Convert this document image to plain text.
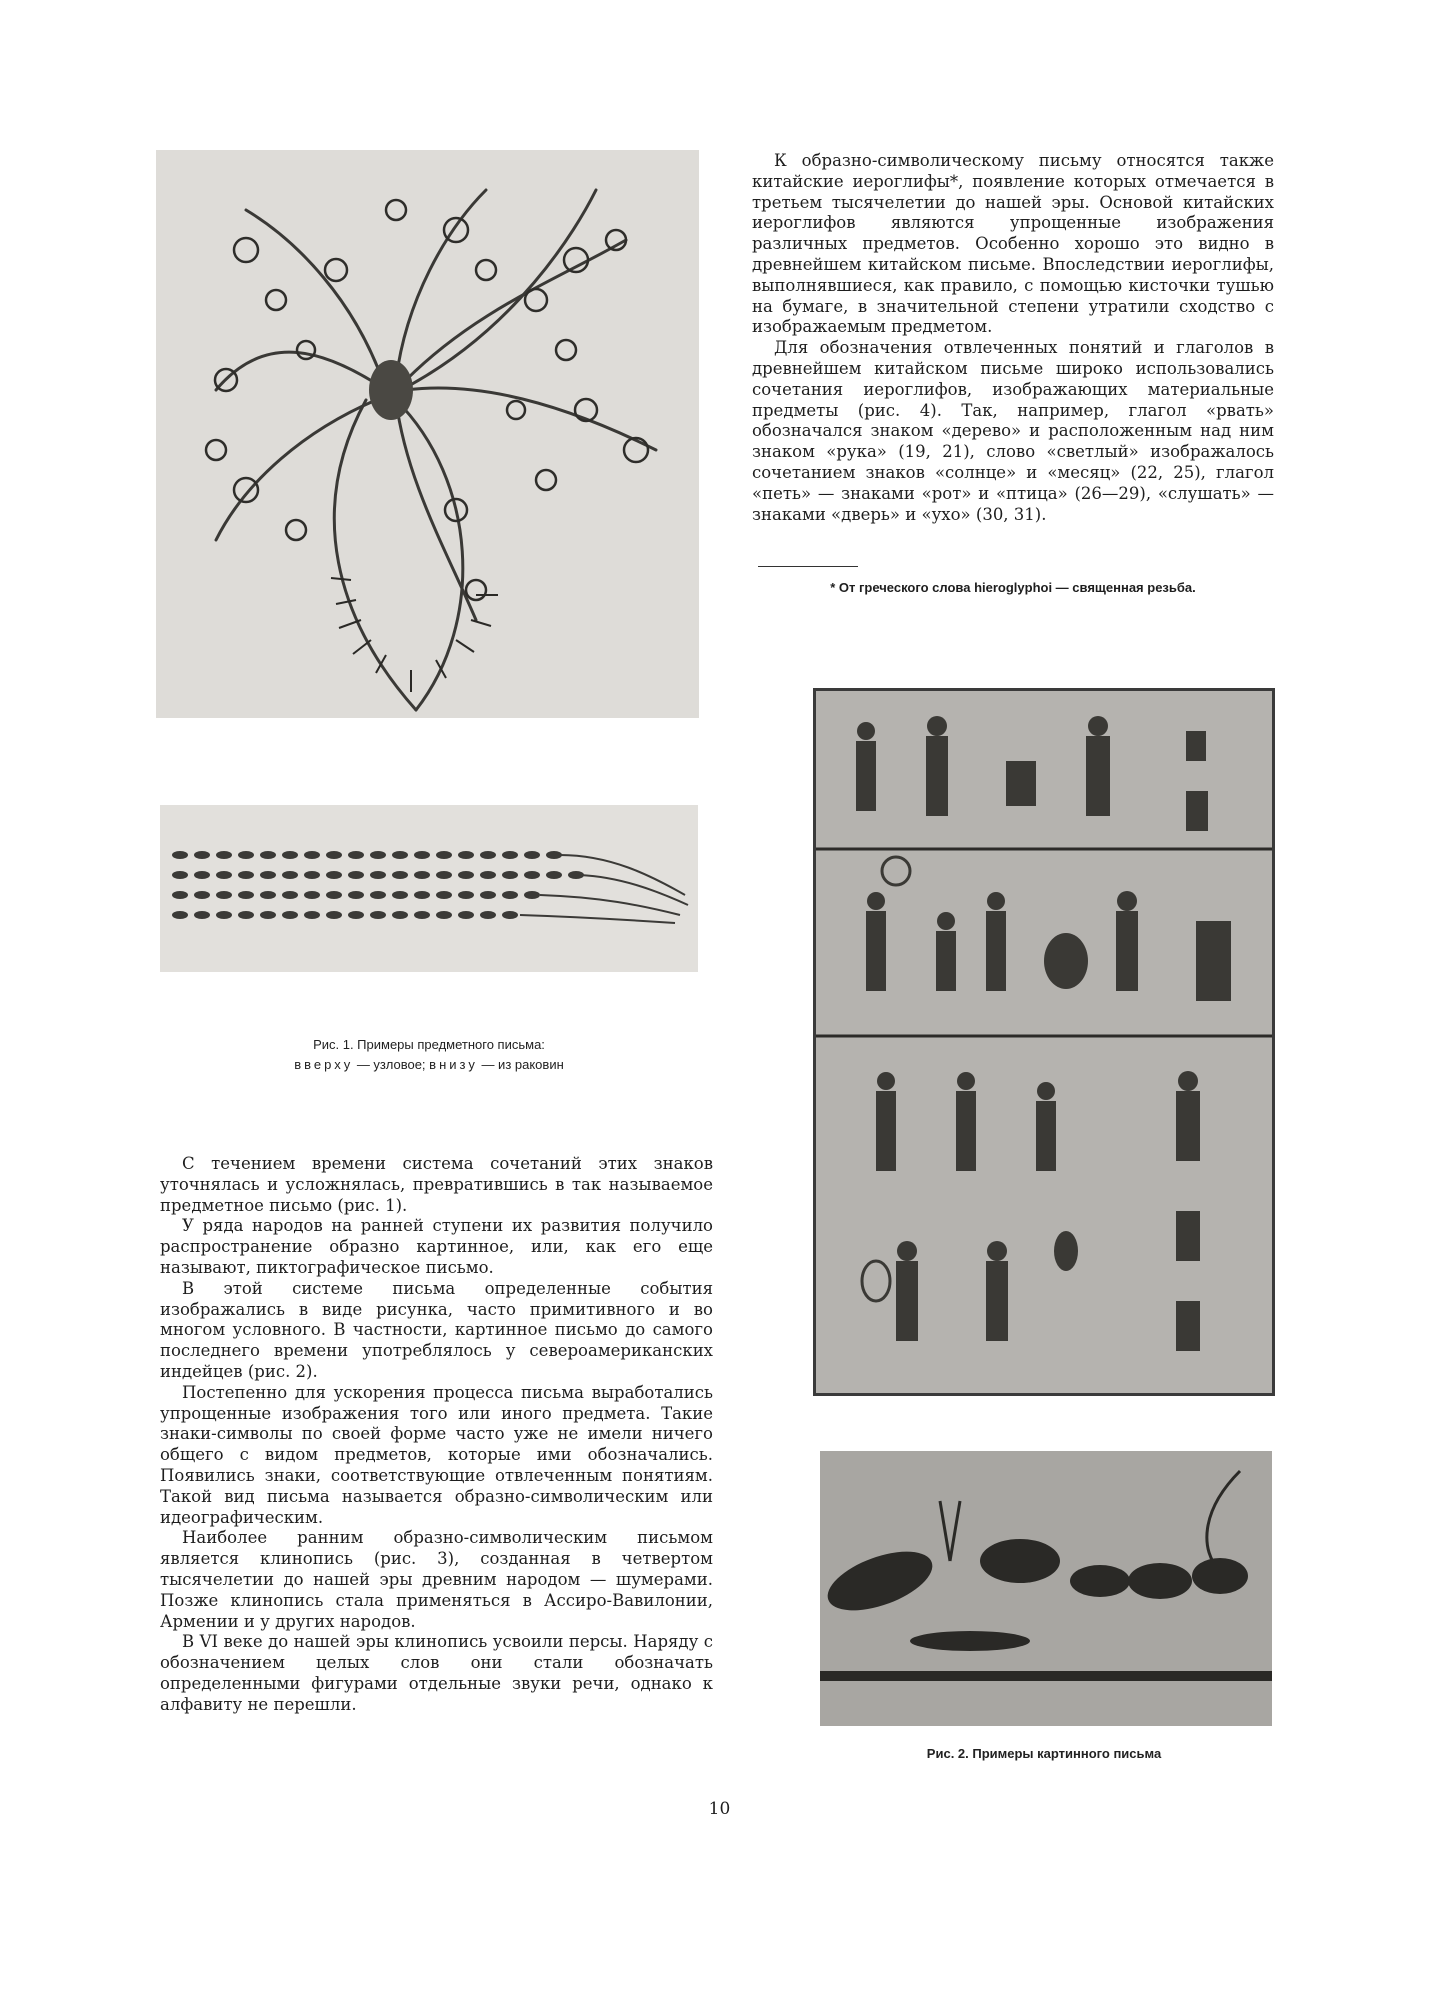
Рис. 1. Примеры предметного письма:
вверху — узловое; внизу — из раковин

К образно-символическому письму относятся также китайские иероглифы*, появление которых отмечается в третьем тысячелетии до нашей эры. Основой китайских иероглифов являются упрощенные изображения различных предметов. Особенно хорошо это видно в древнейшем китайском письме. Впоследствии иероглифы, выполнявшиеся, как правило, с помощью кисточки тушью на бумаге, в значительной степени утратили сходство с изображаемым предметом.

Для обозначения отвлеченных понятий и глаголов в древнейшем китайском письме широко использовались сочетания иероглифов, изображающих материальные предметы (рис. 4). Так, например, глагол «рвать» обозначался знаком «дерево» и расположенным над ним знаком «рука» (19, 21), слово «светлый» изображалось сочетанием знаков «солнце» и «месяц» (22, 25), глагол «петь» — знаками «рот» и «птица» (26—29), «слушать» — знаками «дверь» и «ухо» (30, 31).

* От греческого слова hieroglyphoi — священная резьба.
Рис. 2. Примеры картинного письма

С течением времени система сочетаний этих знаков уточнялась и усложнялась, превратившись в так называемое предметное письмо (рис. 1).

У ряда народов на ранней ступени их развития получило распространение образно картинное, или, как его еще называют, пиктографическое письмо.

В этой системе письма определенные события изображались в виде рисунка, часто примитивного и во многом условного. В частности, картинное письмо до самого последнего времени употреблялось у североамериканских индейцев (рис. 2).

Постепенно для ускорения процесса письма выработались упрощенные изображения того или иного предмета. Такие знаки-символы по своей форме часто уже не имели ничего общего с видом предметов, которые ими обозначались. Появились знаки, соответствующие отвлеченным понятиям. Такой вид письма называется образно-символическим или идеографическим.

Наиболее ранним образно-символическим письмом является клинопись (рис. 3), созданная в четвертом тысячелетии до нашей эры древним народом — шумерами. Позже клинопись стала применяться в Ассиро-Вавилонии, Армении и у других народов.

В VI веке до нашей эры клинопись усвоили персы. Наряду с обозначением целых слов они стали обозначать определенными фигурами отдельные звуки речи, однако к алфавиту не перешли.

10
